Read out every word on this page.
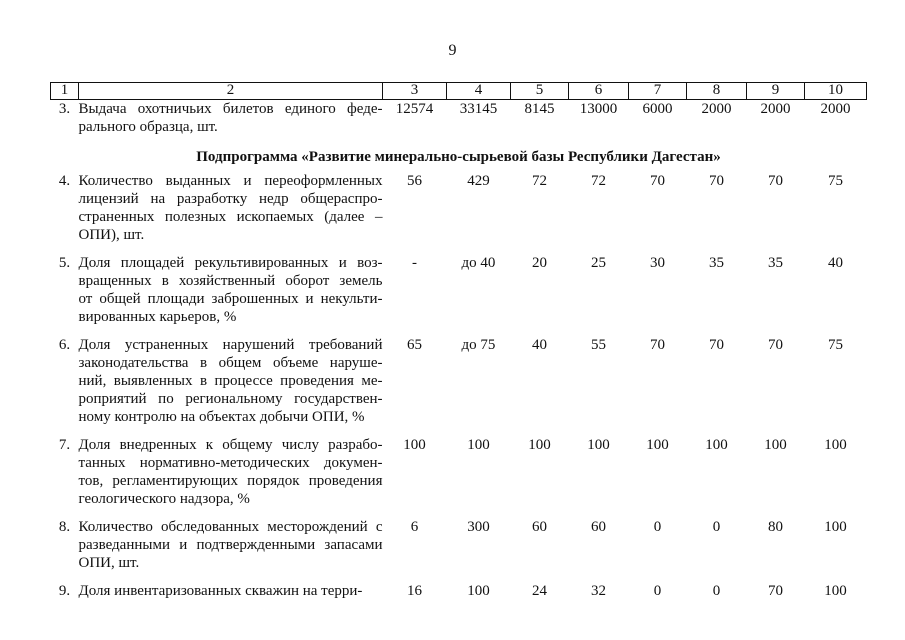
9
1	2	3	4	5	6	7	8	9	10
3.	Выдача охотничьих билетов единого феде-
рального образца, шт.	12574	33145	8145	13000	6000	2000	2000	2000
Подпрограмма «Развитие минерально-сырьевой базы Республики Дагестан»									
4.	Количество выданных и переоформленных
лицензий на разработку недр общераспро-
страненных полезных ископаемых (далее –
ОПИ), шт.	56	429	72	72	70	70	70	75
5.	Доля площадей рекультивированных и воз-
вращенных в хозяйственный оборот земель
от общей площади заброшенных и некульти-
вированных карьеров, %	-	до 40	20	25	30	35	35	40
6.	Доля устраненных нарушений требований
законодательства в общем объеме наруше-
ний, выявленных в процессе проведения ме-
роприятий по региональному государствен-
ному контролю на объектах добычи ОПИ, %	65	до 75	40	55	70	70	70	75
7.	Доля внедренных к общему числу разрабо-
танных нормативно-методических докумен-
тов, регламентирующих порядок проведения
геологического надзора, %	100	100	100	100	100	100	100	100
8.	Количество обследованных месторождений с
разведанными и подтвержденными запасами
ОПИ, шт.	6	300	60	60	0	0	80	100
9.	Доля инвентаризованных скважин на терри-	16	100	24	32	0	0	70	100
